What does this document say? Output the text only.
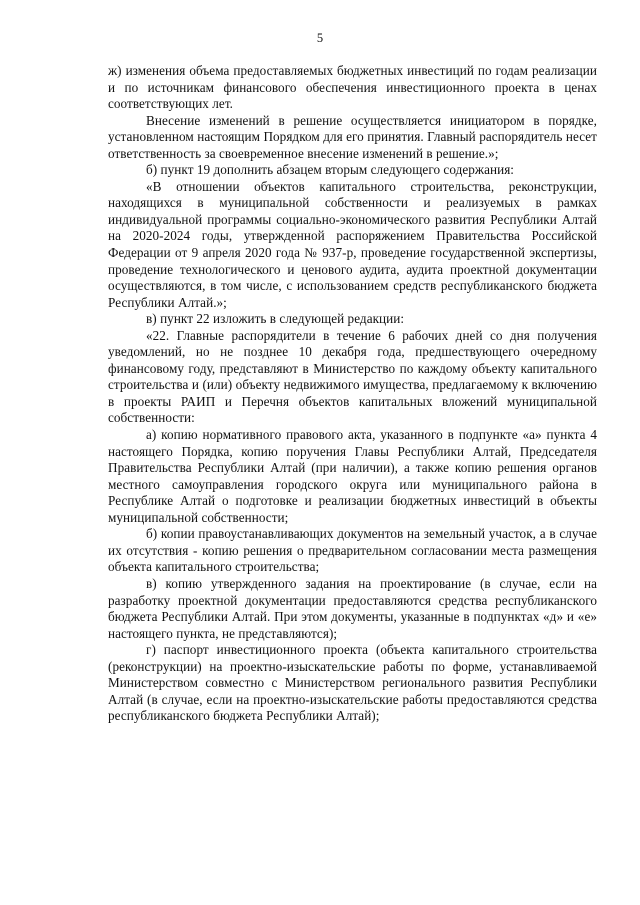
5

ж) изменения объема предоставляемых бюджетных инвестиций по годам реализации и по источникам финансового обеспечения инвестиционного проекта в ценах соответствующих лет.

Внесение изменений в решение осуществляется инициатором в порядке, установленном настоящим Порядком для его принятия. Главный распорядитель несет ответственность за своевременное внесение изменений в решение.»;

б) пункт 19 дополнить абзацем вторым следующего содержания:

«В отношении объектов капитального строительства, реконструкции, находящихся в муниципальной собственности и реализуемых в рамках индивидуальной программы социально-экономического развития Республики Алтай на 2020-2024 годы, утвержденной распоряжением Правительства Российской Федерации от 9 апреля 2020 года № 937-р, проведение государственной экспертизы, проведение технологического и ценового аудита, аудита проектной документации осуществляются, в том числе, с использованием средств республиканского бюджета Республики Алтай.»;

в) пункт 22 изложить в следующей редакции:

«22. Главные распорядители в течение 6 рабочих дней со дня получения уведомлений, но не позднее 10 декабря года, предшествующего очередному финансовому году, представляют в Министерство по каждому объекту капитального строительства и (или) объекту недвижимого имущества, предлагаемому к включению в проекты РАИП и Перечня объектов капитальных вложений муниципальной собственности:

а) копию нормативного правового акта, указанного в подпункте «а» пункта 4 настоящего Порядка, копию поручения Главы Республики Алтай, Председателя Правительства Республики Алтай (при наличии), а также копию решения органов местного самоуправления городского округа или муниципального района в Республике Алтай о подготовке и реализации бюджетных инвестиций в объекты муниципальной собственности;

б) копии правоустанавливающих документов на земельный участок, а в случае их отсутствия - копию решения о предварительном согласовании места размещения объекта капитального строительства;

в) копию утвержденного задания на проектирование (в случае, если на разработку проектной документации предоставляются средства республиканского бюджета Республики Алтай. При этом документы, указанные в подпунктах «д» и «е» настоящего пункта, не представляются);

г) паспорт инвестиционного проекта (объекта капитального строительства (реконструкции) на проектно-изыскательские работы по форме, устанавливаемой Министерством совместно с Министерством регионального развития Республики Алтай (в случае, если на проектно-изыскательские работы предоставляются средства республиканского бюджета Республики Алтай);
